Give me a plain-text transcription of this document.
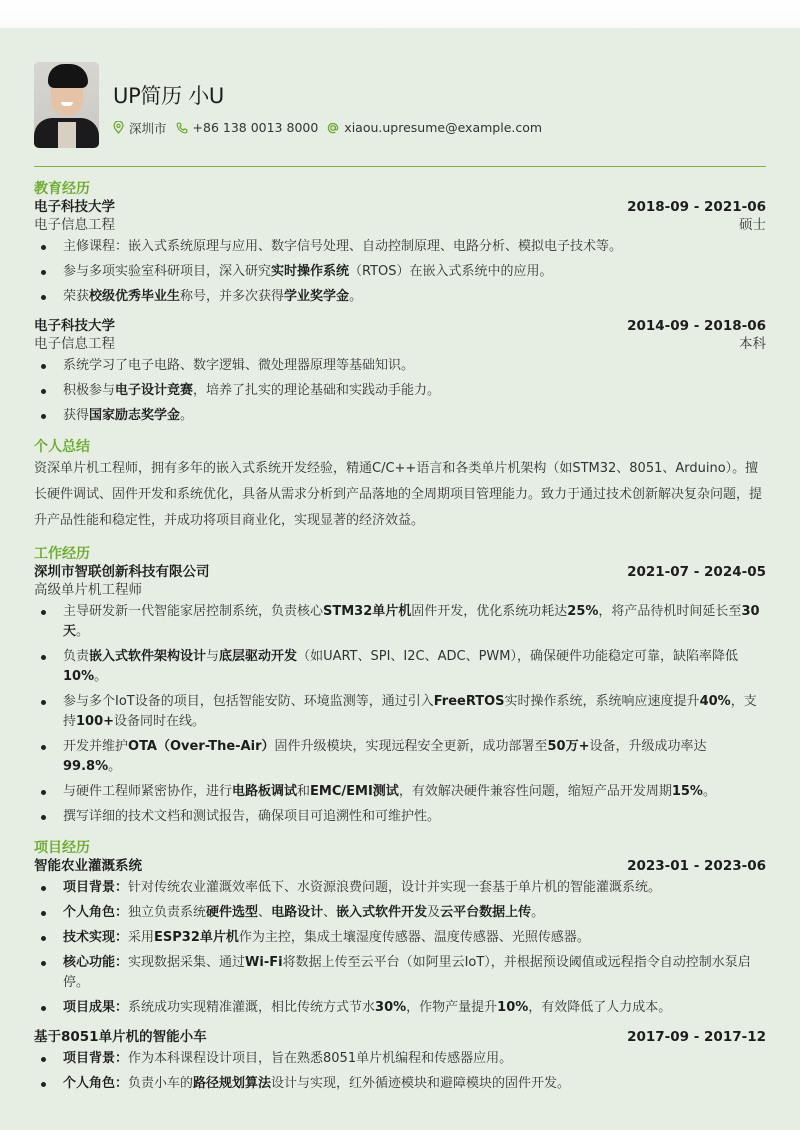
UP简历 小U
深圳市 +86 138 0013 8000 xiaou.upresume@example.com
教育经历
电子科技大学	2018-09 - 2021-06
电子信息工程	硕士
主修课程：嵌入式系统原理与应用、数字信号处理、自动控制原理、电路分析、模拟电子技术等。
参与多项实验室科研项目，深入研究实时操作系统（RTOS）在嵌入式系统中的应用。
荣获校级优秀毕业生称号，并多次获得学业奖学金。
电子科技大学	2014-09 - 2018-06
电子信息工程	本科
系统学习了电子电路、数字逻辑、微处理器原理等基础知识。
积极参与电子设计竞赛，培养了扎实的理论基础和实践动手能力。
获得国家励志奖学金。
个人总结
资深单片机工程师，拥有多年的嵌入式系统开发经验，精通C/C++语言和各类单片机架构（如STM32、8051、Arduino）。擅长硬件调试、固件开发和系统优化，具备从需求分析到产品落地的全周期项目管理能力。致力于通过技术创新解决复杂问题，提升产品性能和稳定性，并成功将项目商业化，实现显著的经济效益。
工作经历
深圳市智联创新科技有限公司	2021-07 - 2024-05
高级单片机工程师
主导研发新一代智能家居控制系统，负责核心STM32单片机固件开发，优化系统功耗达25%，将产品待机时间延长至30天。
负责嵌入式软件架构设计与底层驱动开发（如UART、SPI、I2C、ADC、PWM），确保硬件功能稳定可靠，缺陷率降低10%。
参与多个IoT设备的项目，包括智能安防、环境监测等，通过引入FreeRTOS实时操作系统，系统响应速度提升40%，支持100+设备同时在线。
开发并维护OTA（Over-The-Air）固件升级模块，实现远程安全更新，成功部署至50万+设备，升级成功率达99.8%。
与硬件工程师紧密协作，进行电路板调试和EMC/EMI测试，有效解决硬件兼容性问题，缩短产品开发周期15%。
撰写详细的技术文档和测试报告，确保项目可追溯性和可维护性。
项目经历
智能农业灌溉系统	2023-01 - 2023-06
项目背景：针对传统农业灌溉效率低下、水资源浪费问题，设计并实现一套基于单片机的智能灌溉系统。
个人角色：独立负责系统硬件选型、电路设计、嵌入式软件开发及云平台数据上传。
技术实现：采用ESP32单片机作为主控，集成土壤湿度传感器、温度传感器、光照传感器。
核心功能：实现数据采集、通过Wi-Fi将数据上传至云平台（如阿里云IoT），并根据预设阈值或远程指令自动控制水泵启停。
项目成果：系统成功实现精准灌溉，相比传统方式节水30%，作物产量提升10%，有效降低了人力成本。
基于8051单片机的智能小车	2017-09 - 2017-12
项目背景：作为本科课程设计项目，旨在熟悉8051单片机编程和传感器应用。
个人角色：负责小车的路径规划算法设计与实现，红外循迹模块和避障模块的固件开发。
